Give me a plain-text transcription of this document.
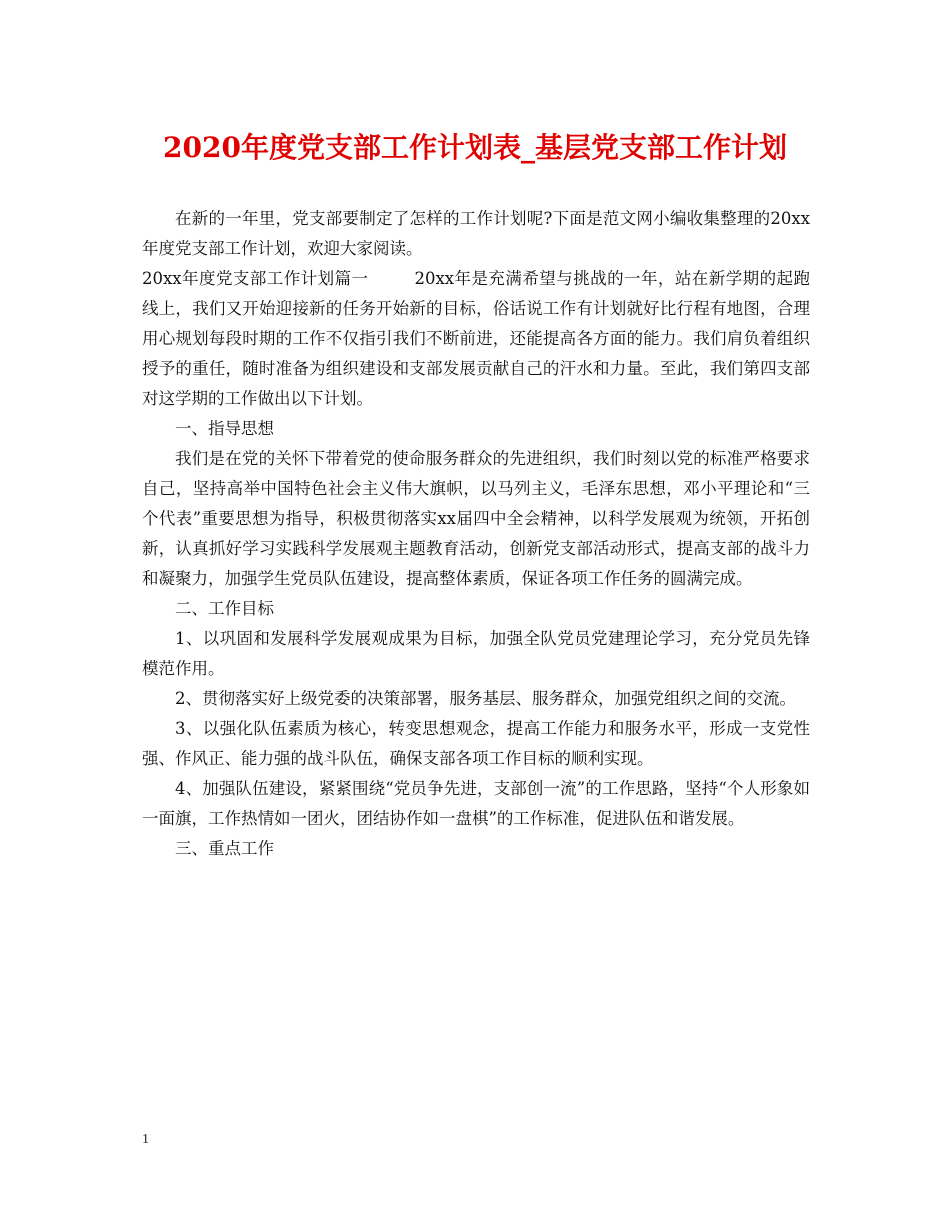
2020年度党支部工作计划表_基层党支部工作计划

在新的一年里，党支部要制定了怎样的工作计划呢?下面是范文网小编收集整理的20xx年度党支部工作计划，欢迎大家阅读。

20xx年度党支部工作计划篇一	20xx年是充满希望与挑战的一年，站在新学期的起跑线上，我们又开始迎接新的任务开始新的目标，俗话说工作有计划就好比行程有地图，合理用心规划每段时期的工作不仅指引我们不断前进，还能提高各方面的能力。我们肩负着组织授予的重任，随时准备为组织建设和支部发展贡献自己的汗水和力量。至此，我们第四支部对这学期的工作做出以下计划。

一、指导思想

我们是在党的关怀下带着党的使命服务群众的先进组织，我们时刻以党的标准严格要求自己，坚持高举中国特色社会主义伟大旗帜，以马列主义，毛泽东思想，邓小平理论和“三个代表”重要思想为指导，积极贯彻落实xx届四中全会精神，以科学发展观为统领，开拓创新，认真抓好学习实践科学发展观主题教育活动，创新党支部活动形式，提高支部的战斗力和凝聚力，加强学生党员队伍建设，提高整体素质，保证各项工作任务的圆满完成。

二、工作目标

1、以巩固和发展科学发展观成果为目标，加强全队党员党建理论学习，充分党员先锋模范作用。

2、贯彻落实好上级党委的决策部署，服务基层、服务群众，加强党组织之间的交流。

3、以强化队伍素质为核心，转变思想观念，提高工作能力和服务水平，形成一支党性强、作风正、能力强的战斗队伍，确保支部各项工作目标的顺利实现。

4、加强队伍建设，紧紧围绕“党员争先进，支部创一流”的工作思路，坚持“个人形象如一面旗，工作热情如一团火，团结协作如一盘棋”的工作标准，促进队伍和谐发展。

三、重点工作

1
